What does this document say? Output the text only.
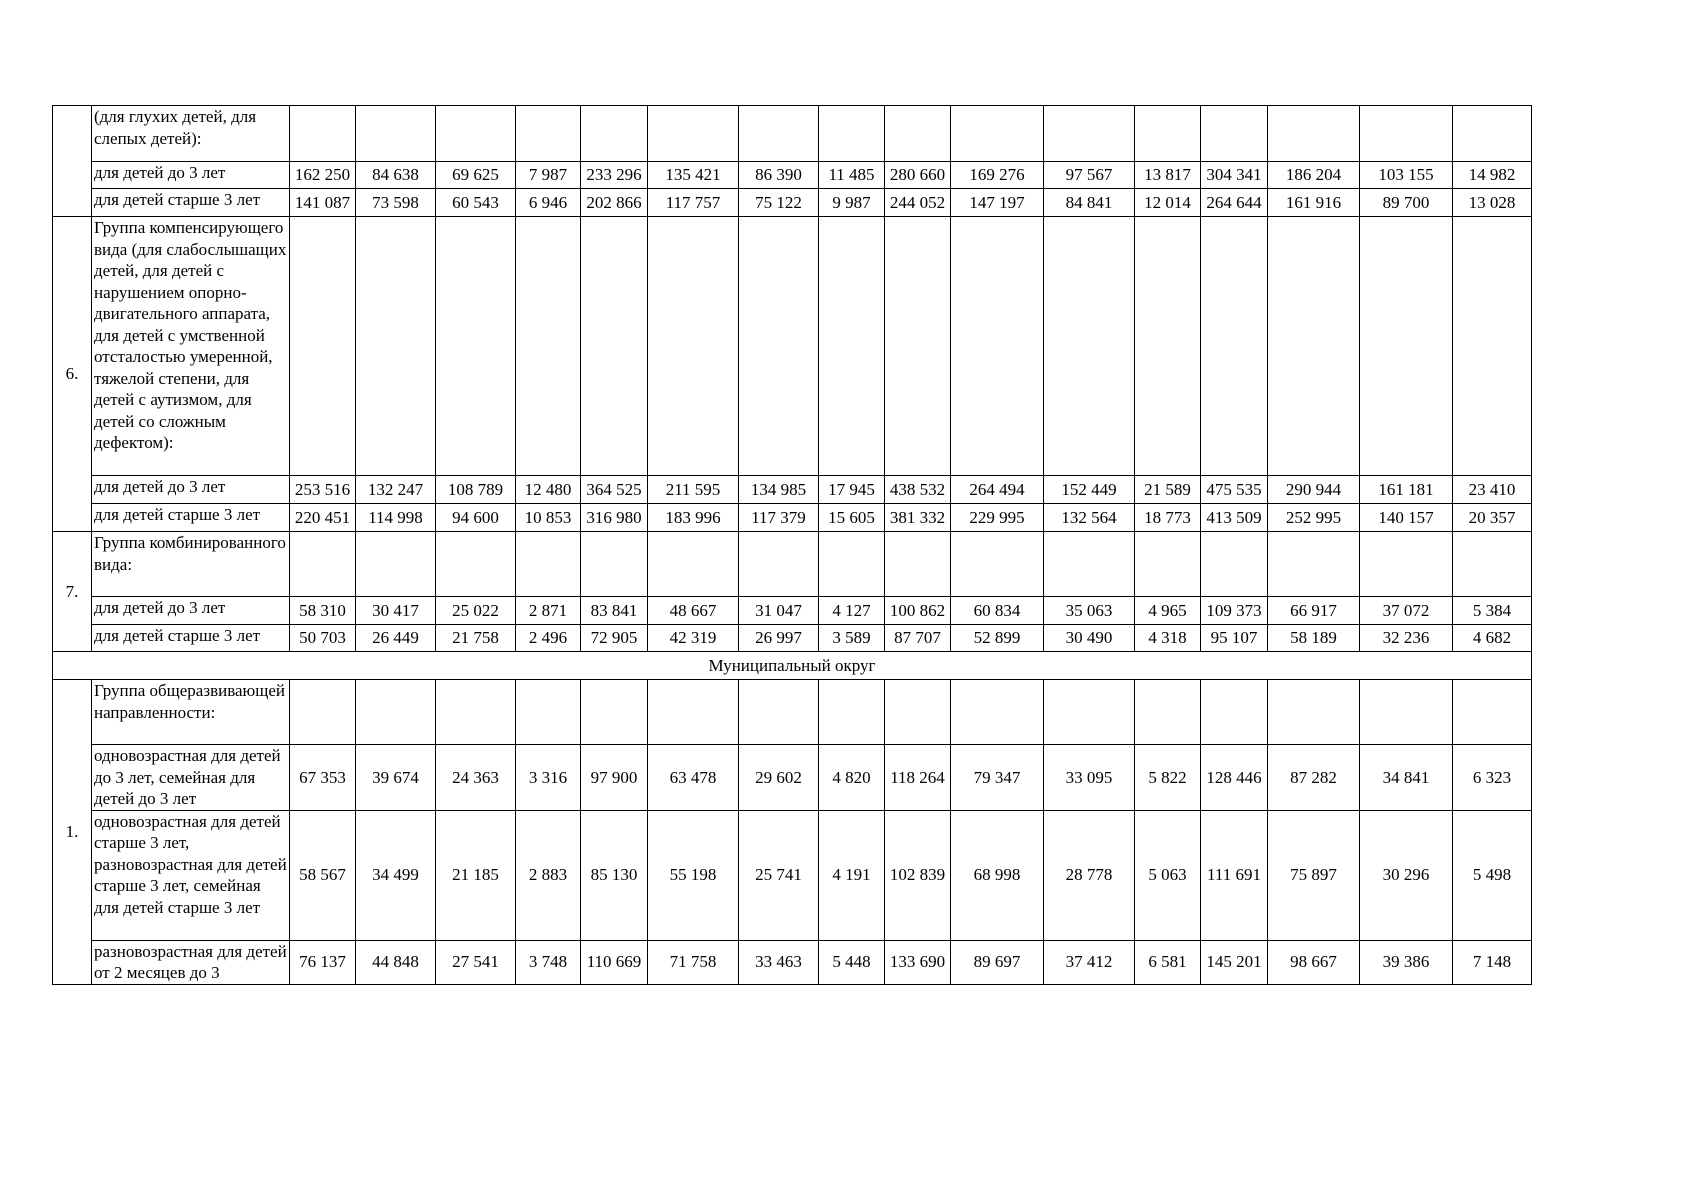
	(для глухих детей, для слепых детей):																
	для детей до 3 лет	162 250	84 638	69 625	7 987	233 296	135 421	86 390	11 485	280 660	169 276	97 567	13 817	304 341	186 204	103 155	14 982
	для детей старше 3 лет	141 087	73 598	60 543	6 946	202 866	117 757	75 122	9 987	244 052	147 197	84 841	12 014	264 644	161 916	89 700	13 028
6.	Группа компенсирующего вида (для слабослышащих детей, для детей с нарушением опорно-двигательного аппарата, для детей с умственной отсталостью умеренной, тяжелой степени, для детей с аутизмом, для детей со сложным дефектом):																
	для детей до 3 лет	253 516	132 247	108 789	12 480	364 525	211 595	134 985	17 945	438 532	264 494	152 449	21 589	475 535	290 944	161 181	23 410
	для детей старше 3 лет	220 451	114 998	94 600	10 853	316 980	183 996	117 379	15 605	381 332	229 995	132 564	18 773	413 509	252 995	140 157	20 357
7.	Группа комбинированного вида:																
	для детей до 3 лет	58 310	30 417	25 022	2 871	83 841	48 667	31 047	4 127	100 862	60 834	35 063	4 965	109 373	66 917	37 072	5 384
	для детей старше 3 лет	50 703	26 449	21 758	2 496	72 905	42 319	26 997	3 589	87 707	52 899	30 490	4 318	95 107	58 189	32 236	4 682
Муниципальный округ																	
1.	Группа общеразвивающей направленности:																
	одновозрастная для детей до 3 лет, семейная для детей до 3 лет	67 353	39 674	24 363	3 316	97 900	63 478	29 602	4 820	118 264	79 347	33 095	5 822	128 446	87 282	34 841	6 323
	одновозрастная для детей старше 3 лет, разновозрастная для детей старше 3 лет, семейная для детей старше 3 лет	58 567	34 499	21 185	2 883	85 130	55 198	25 741	4 191	102 839	68 998	28 778	5 063	111 691	75 897	30 296	5 498
	разновозрастная для детей от 2 месяцев до 3	76 137	44 848	27 541	3 748	110 669	71 758	33 463	5 448	133 690	89 697	37 412	6 581	145 201	98 667	39 386	7 148
